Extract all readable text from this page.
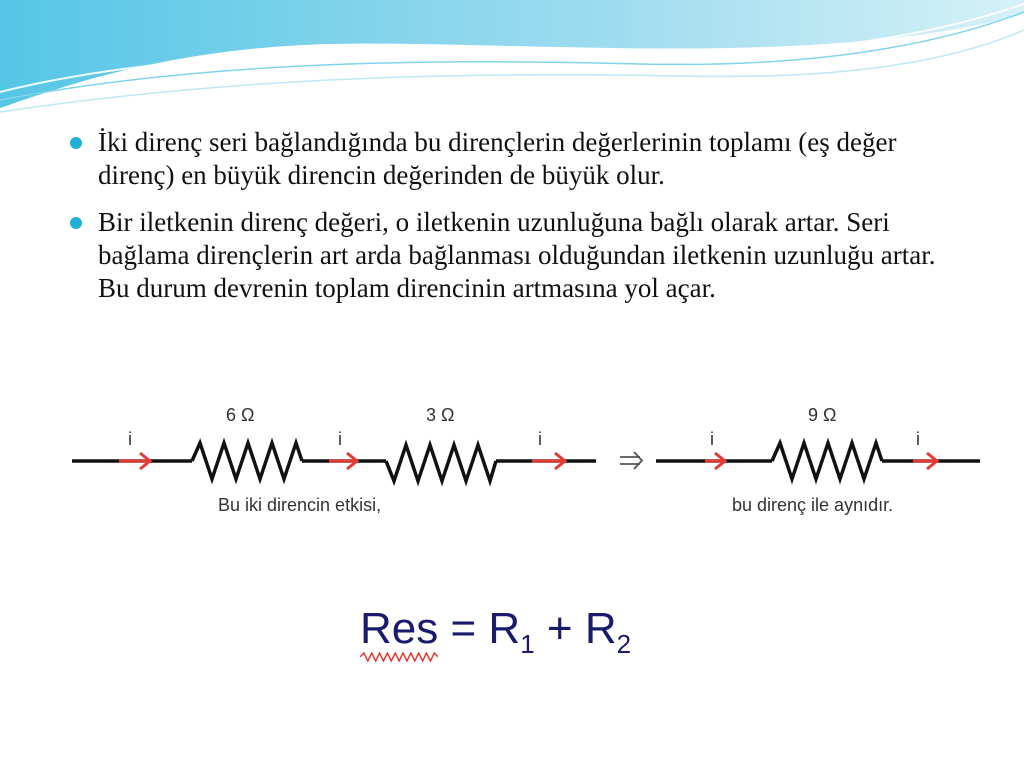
İki direnç seri bağlandığında bu dirençlerin değerlerinin toplamı (eş değer direnç) en büyük direncin değerinden de büyük olur.
Bir iletkenin direnç değeri, o iletkenin uzunluğuna bağlı olarak artar. Seri bağlama dirençlerin art arda bağlanması olduğundan iletkenin uzunluğu artar. Bu durum devrenin toplam direncinin artmasına yol açar.
i	i	i	i	i
6 Ω	3 Ω	9 Ω
Bu iki direncin etkisi,	bu direnç ile aynıdır.
Res = $R_1 + R_2$
